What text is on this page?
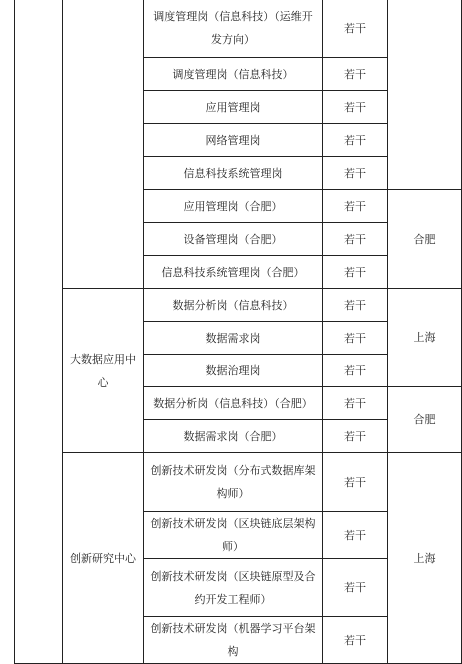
		调度管理岗（信息科技）（运维开发方向）	若干	
		调度管理岗（信息科技）	若干	
		应用管理岗	若干	
		网络管理岗	若干	
		信息科技系统管理岗	若干	
		应用管理岗（合肥）	若干	合肥
		设备管理岗（合肥）	若干	
		信息科技系统管理岗（合肥）	若干	
	大数据应用中心	数据分析岗（信息科技）	若干	上海
		数据需求岗	若干	
		数据治理岗	若干	
		数据分析岗（信息科技）（合肥）	若干	合肥
		数据需求岗（合肥）	若干	
	创新研究中心	创新技术研发岗（分布式数据库架构师）	若干	上海
		创新技术研发岗（区块链底层架构师）	若干	
		创新技术研发岗（区块链原型及合约开发工程师）	若干	
		创新技术研发岗（机器学习平台架构	若干	
